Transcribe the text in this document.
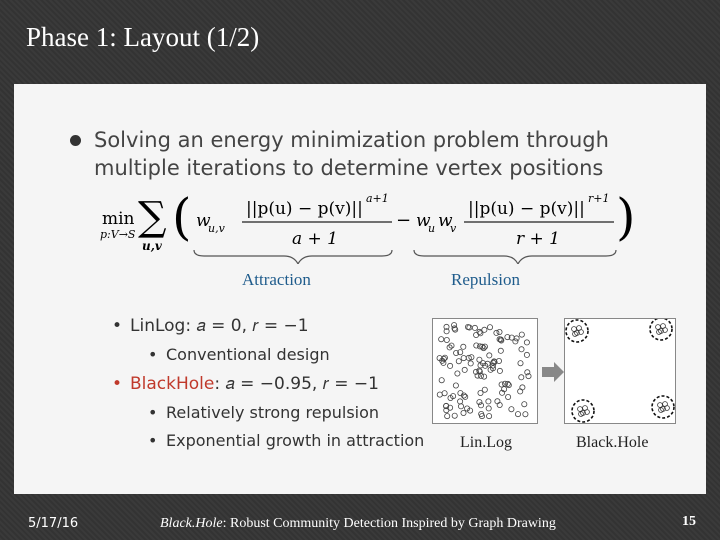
Phase 1: Layout (1/2)
Solving an energy minimization problem through
multiple iterations to determine vertex positions
min
p:V→S ∑
u,v ( w
u,v
||p(u) − p(v)||
a+1
a + 1
− w
u w
v
||p(u) − p(v)||
r+1
r + 1 )
Attraction	Repulsion
• LinLog: 𝑎 = 0, 𝑟 = −1
• Conventional design
• BlackHole: 𝑎 = −0.95, 𝑟 = −1
• Relatively strong repulsion
• Exponential growth in attraction Lin.Log	Black.Hole
5/17/16	Black.Hole: Robust Community Detection Inspired by Graph Drawing	15
